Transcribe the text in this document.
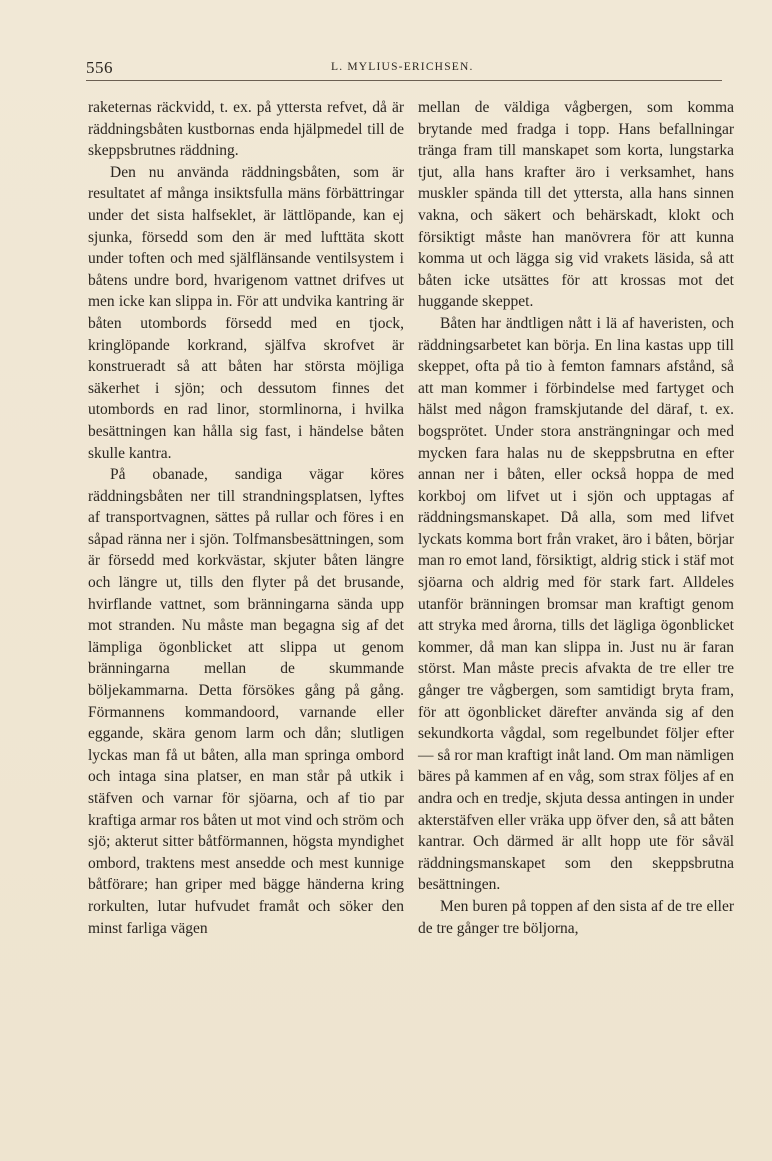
556	L. MYLIUS-ERICHSEN.

raketernas räckvidd, t. ex. på yttersta refvet, då är räddningsbåten kustbornas enda hjälpmedel till de skeppsbrutnes räddning.

Den nu använda räddningsbåten, som är resultatet af många insiktsfulla mäns förbättringar under det sista halfseklet, är lättlöpande, kan ej sjunka, försedd som den är med lufttäta skott under toften och med själflänsande ventilsystem i båtens undre bord, hvarigenom vattnet drifves ut men icke kan slippa in. För att undvika kantring är båten utombords försedd med en tjock, kringlöpande korkrand, själfva skrofvet är konstrueradt så att båten har största möjliga säkerhet i sjön; och dessutom finnes det utombords en rad linor, stormlinorna, i hvilka besättningen kan hålla sig fast, i händelse båten skulle kantra.

På obanade, sandiga vägar köres räddningsbåten ner till strandningsplatsen, lyftes af transportvagnen, sättes på rullar och föres i en såpad ränna ner i sjön. Tolfmansbesättningen, som är försedd med korkvästar, skjuter båten längre och längre ut, tills den flyter på det brusande, hvirflande vattnet, som bränningarna sända upp mot stranden. Nu måste man begagna sig af det lämpliga ögonblicket att slippa ut genom bränningarna mellan de skummande böljekammarna. Detta försökes gång på gång. Förmannens kommandoord, varnande eller eggande, skära genom larm och dån; slutligen lyckas man få ut båten, alla man springa ombord och intaga sina platser, en man står på utkik i stäfven och varnar för sjöarna, och af tio par kraftiga armar ros båten ut mot vind och ström och sjö; akterut sitter båtförmannen, högsta myndighet ombord, traktens mest ansedde och mest kunnige båtförare; han griper med bägge händerna kring rorkulten, lutar hufvudet framåt och söker den minst farliga vägen

mellan de väldiga vågbergen, som komma brytande med fradga i topp. Hans befallningar tränga fram till manskapet som korta, lungstarka tjut, alla hans krafter äro i verksamhet, hans muskler spända till det yttersta, alla hans sinnen vakna, och säkert och behärskadt, klokt och försiktigt måste han manövrera för att kunna komma ut och lägga sig vid vrakets läsida, så att båten icke utsättes för att krossas mot det huggande skeppet.

Båten har ändtligen nått i lä af haveristen, och räddningsarbetet kan börja. En lina kastas upp till skeppet, ofta på tio à femton famnars afstånd, så att man kommer i förbindelse med fartyget och hälst med någon framskjutande del däraf, t. ex. bogsprötet. Under stora ansträngningar och med mycken fara halas nu de skeppsbrutna en efter annan ner i båten, eller också hoppa de med korkboj om lifvet ut i sjön och upptagas af räddningsmanskapet. Då alla, som med lifvet lyckats komma bort från vraket, äro i båten, börjar man ro emot land, försiktigt, aldrig stick i stäf mot sjöarna och aldrig med för stark fart. Alldeles utanför bränningen bromsar man kraftigt genom att stryka med årorna, tills det lägliga ögonblicket kommer, då man kan slippa in. Just nu är faran störst. Man måste precis afvakta de tre eller tre gånger tre vågbergen, som samtidigt bryta fram, för att ögonblicket därefter använda sig af den sekundkorta vågdal, som regelbundet följer efter — så ror man kraftigt inåt land. Om man nämligen bäres på kammen af en våg, som strax följes af en andra och en tredje, skjuta dessa antingen in under akterstäfven eller vräka upp öfver den, så att båten kantrar. Och därmed är allt hopp ute för såväl räddningsmanskapet som den skeppsbrutna besättningen.

Men buren på toppen af den sista af de tre eller de tre gånger tre böljorna,
